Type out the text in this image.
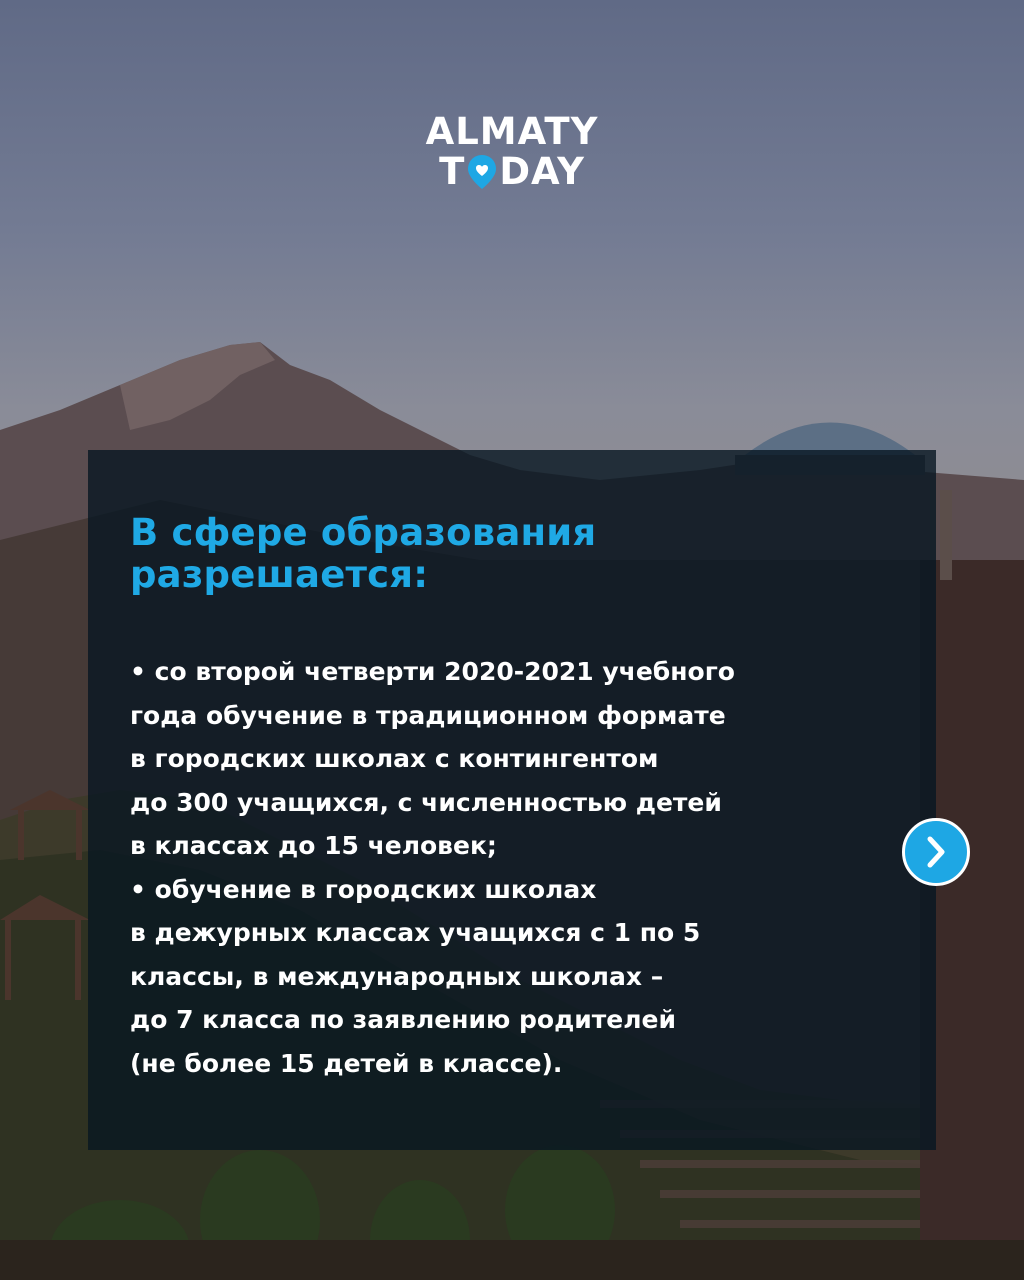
ALMATY
T DAY
В сфере образования
разрешается:
• со второй четверти 2020-2021 учебного
года обучение в традиционном формате
в городских школах с контингентом
до 300 учащихся, с численностью детей
в классах до 15 человек;
• обучение в городских школах
в дежурных классах учащихся с 1 по 5
классы, в международных школах –
до 7 класса по заявлению родителей
(не более 15 детей в классе).
